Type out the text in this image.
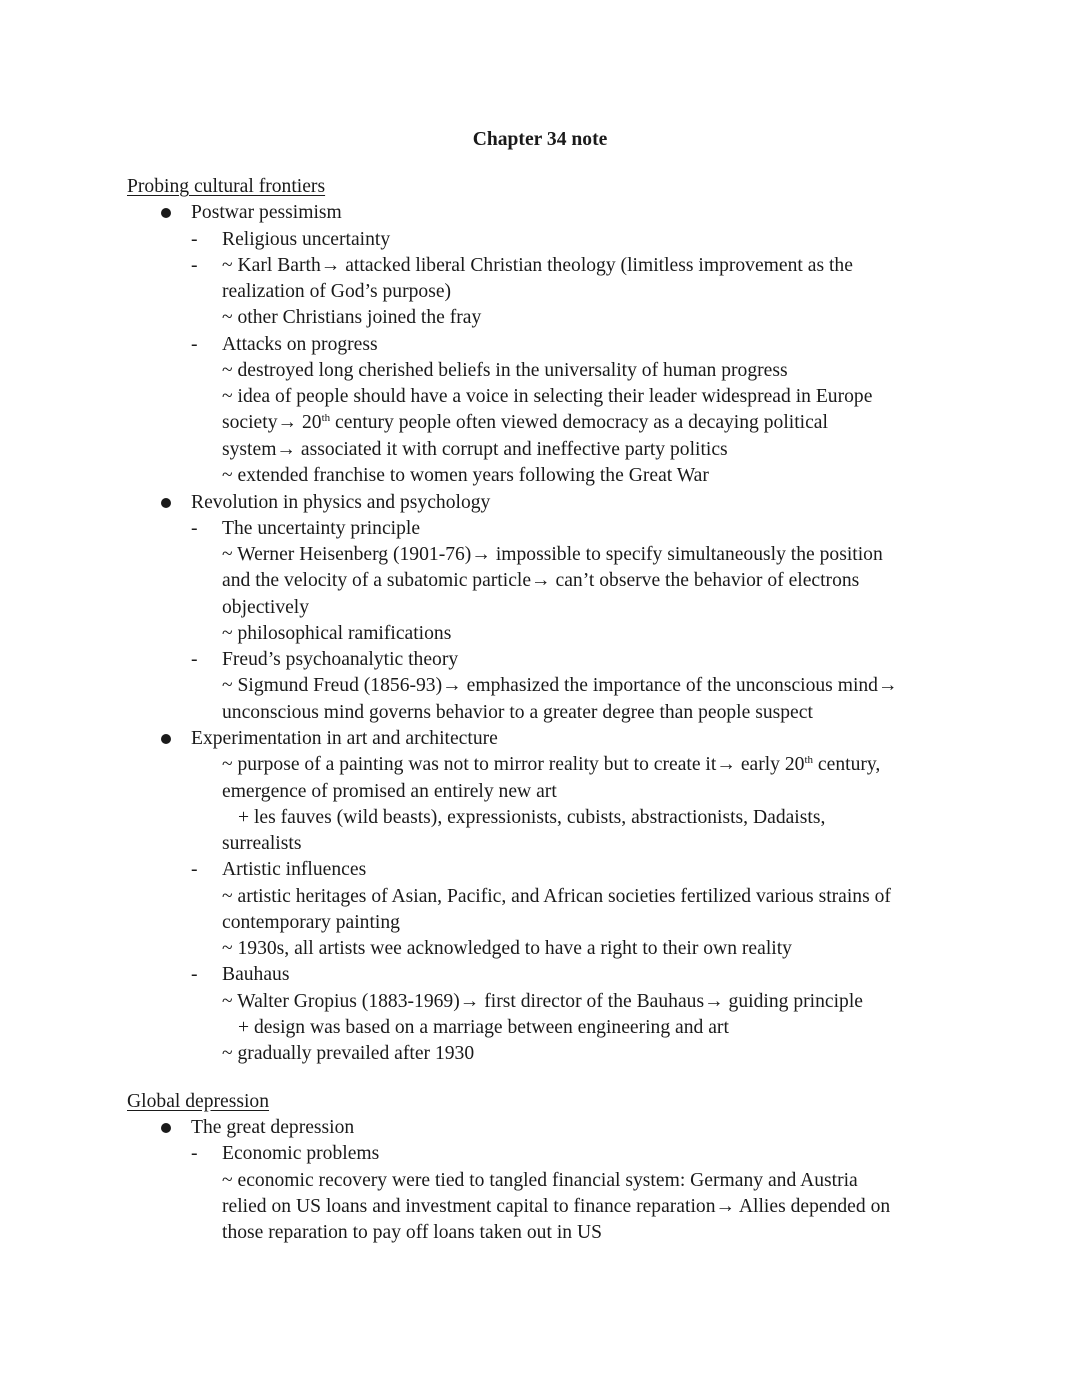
Chapter 34 note
Probing cultural frontiers
Postwar pessimism
- Religious uncertainty
- ~ Karl Barth→ attacked liberal Christian theology (limitless improvement as the
realization of God’s purpose)
~ other Christians joined the fray
- Attacks on progress
~ destroyed long cherished beliefs in the universality of human progress
~ idea of people should have a voice in selecting their leader widespread in Europe
society→ 20th century people often viewed democracy as a decaying political
system→ associated it with corrupt and ineffective party politics
~ extended franchise to women years following the Great War
Revolution in physics and psychology
- The uncertainty principle
~ Werner Heisenberg (1901-76)→ impossible to specify simultaneously the position
and the velocity of a subatomic particle→ can’t observe the behavior of electrons
objectively
~ philosophical ramifications
- Freud’s psychoanalytic theory
~ Sigmund Freud (1856-93)→ emphasized the importance of the unconscious mind→
unconscious mind governs behavior to a greater degree than people suspect
Experimentation in art and architecture
~ purpose of a painting was not to mirror reality but to create it→ early 20th century,
emergence of promised an entirely new art
+ les fauves (wild beasts), expressionists, cubists, abstractionists, Dadaists,
surrealists
- Artistic influences
~ artistic heritages of Asian, Pacific, and African societies fertilized various strains of
contemporary painting
~ 1930s, all artists wee acknowledged to have a right to their own reality
- Bauhaus
~ Walter Gropius (1883-1969)→ first director of the Bauhaus→ guiding principle
+ design was based on a marriage between engineering and art
~ gradually prevailed after 1930
Global depression
The great depression
- Economic problems
~ economic recovery were tied to tangled financial system: Germany and Austria
relied on US loans and investment capital to finance reparation→ Allies depended on
those reparation to pay off loans taken out in US
